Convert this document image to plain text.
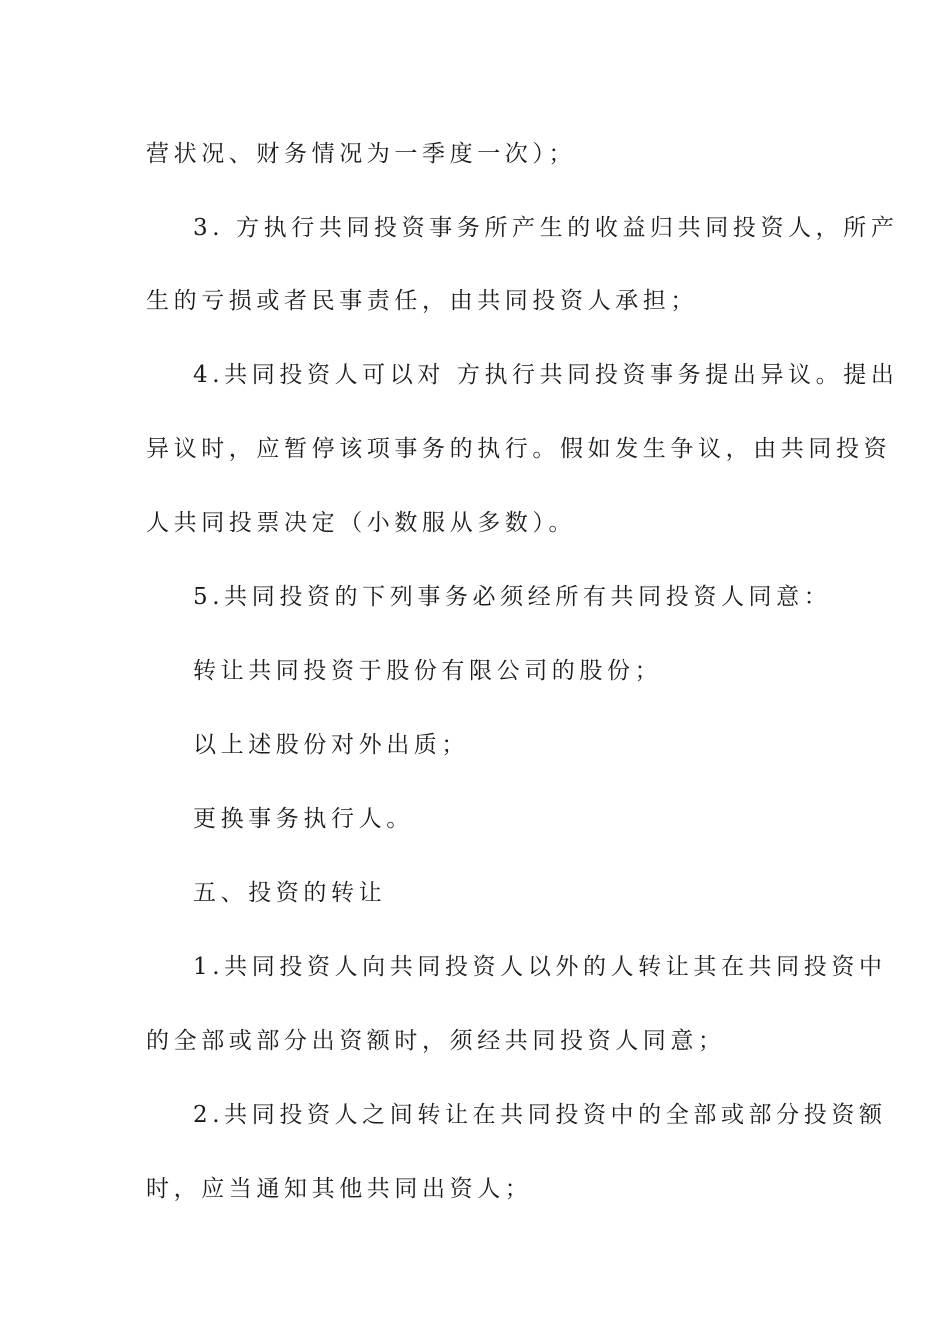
营状况、财务情况为一季度一次）；
3. 方执行共同投资事务所产生的收益归共同投资人，所产
生的亏损或者民事责任，由共同投资人承担；
4.共同投资人可以对 方执行共同投资事务提出异议。提出
异议时，应暂停该项事务的执行。假如发生争议，由共同投资
人共同投票决定（小数服从多数）。
5.共同投资的下列事务必须经所有共同投资人同意：
转让共同投资于股份有限公司的股份；
以上述股份对外出质；
更换事务执行人。
五、投资的转让
1.共同投资人向共同投资人以外的人转让其在共同投资中
的全部或部分出资额时，须经共同投资人同意；
2.共同投资人之间转让在共同投资中的全部或部分投资额
时，应当通知其他共同出资人；
